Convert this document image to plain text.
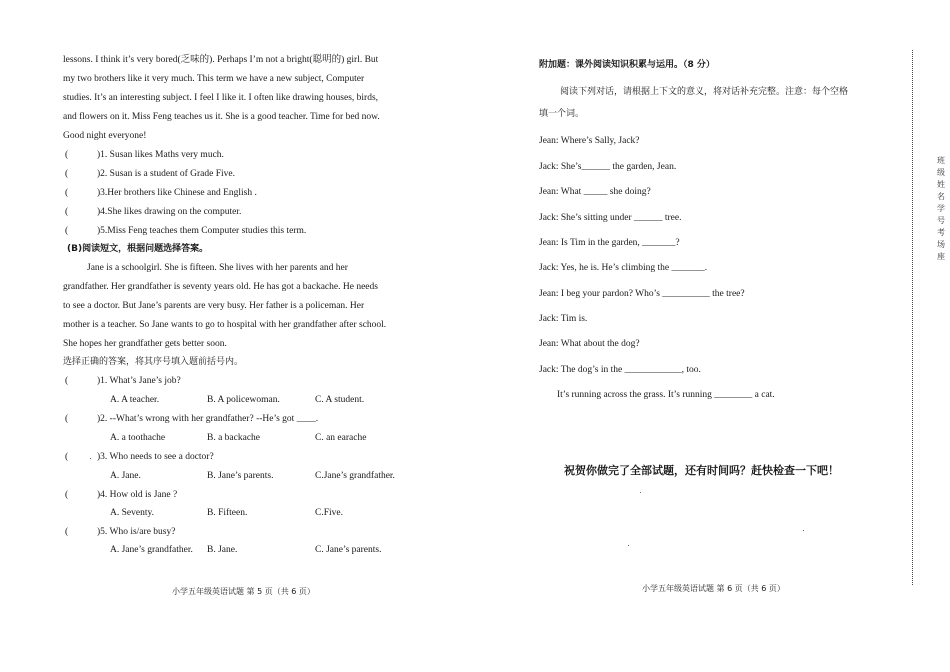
lessons. I think it’s very bored(乏味的). Perhaps I’m not a bright(聪明的) girl. But
my two brothers like it very much. This term we have a new subject, Computer
studies. It’s an interesting subject. I feel I like it. I often like drawing houses, birds,
and flowers on it. Miss Feng teaches us it. She is a good teacher. Time for bed now.
Good night everyone!
(	)1. Susan likes Maths very much.
(	)2. Susan is a student of Grade Five.
(	)3.Her brothers like Chinese and English .
(	)4.She likes drawing on the computer.
(	)5.Miss Feng teaches them Computer studies this term.
(B)阅读短文，根据问题选择答案。
Jane is a schoolgirl. She is fifteen. She lives with her parents and her
grandfather. Her grandfather is seventy years old. He has got a backache. He needs
to see a doctor. But Jane’s parents are very busy. Her father is a policeman. Her
mother is a teacher. So Jane wants to go to hospital with her grandfather after school.
She hopes her grandfather gets better soon.
选择正确的答案，将其序号填入题前括号内。
(	)1. What’s Jane’s job?
A. A teacher.	B. A policewoman.	C. A student.
(	)2. --What’s wrong with her grandfather? --He’s got ____.
A. a toothache	B. a backache	C. an earache
(	)3. Who needs to see a doctor?
A. Jane.	B. Jane’s parents.	C.Jane’s grandfather.
(	)4. How old is Jane ?
A. Seventy.	B. Fifteen.	C.Five.
(	)5. Who is/are busy?
A. Jane’s grandfather. B. Jane.	C. Jane’s parents.
小学五年级英语试题 第 5 页（共 6 页）
附加题：课外阅读知识积累与运用。（8 分）
阅读下列对话，请根据上下文的意义，将对话补充完整。注意：每个空格
填一个词。
Jean: Where’s Sally, Jack?
Jack: She’s______ the garden, Jean.
Jean: What _____ she doing?
Jack: She’s sitting under ______ tree.
Jean: Is Tim in the garden, _______?
Jack: Yes, he is. He’s climbing the _______.
Jean: I beg your pardon? Who’s __________ the tree?
Jack: Tim is.
Jean: What about the dog?
Jack: The dog’s in the ____________, too.
It’s running across the grass. It’s running ________ a cat.
祝贺你做完了全部试题，还有时间吗？赶快检查一下吧！
小学五年级英语试题 第 6 页（共 6 页）
班 级 姓 名 学 号 考 场 座
